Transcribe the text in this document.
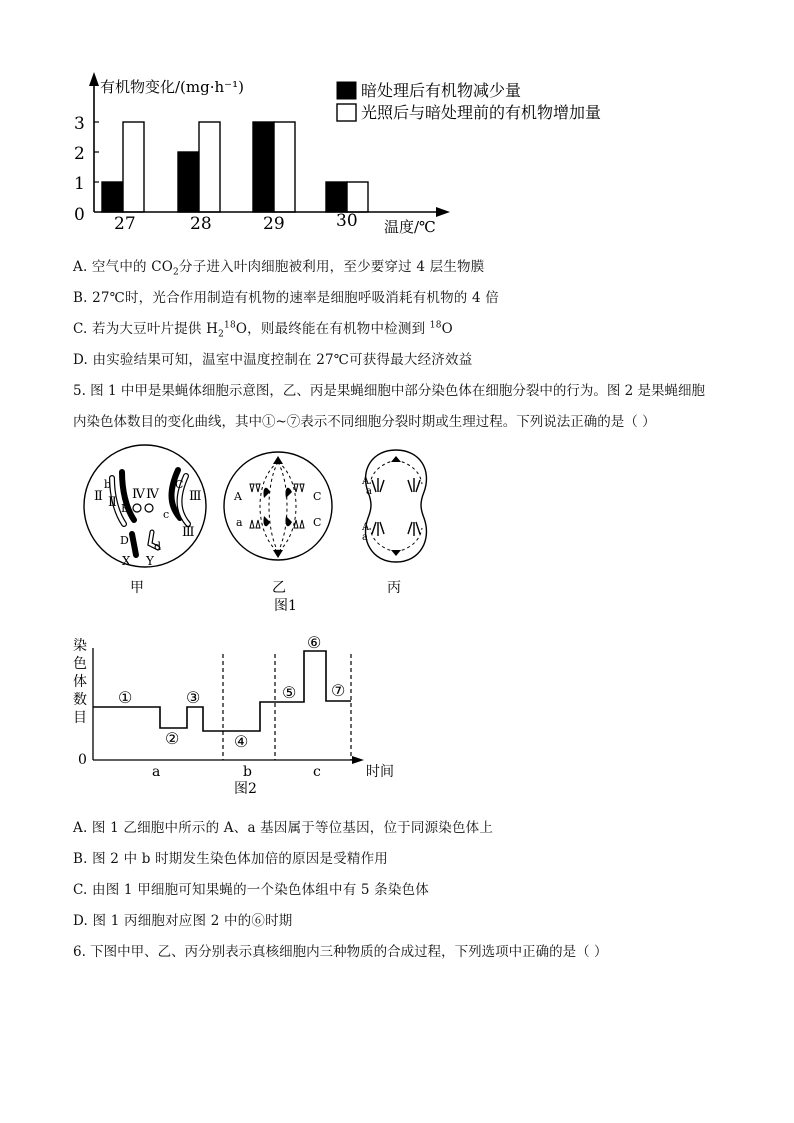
0
1
2
3
有机物变化/(mg·h⁻¹)
温度/℃
27	28	29	30
暗处理后有机物减少量
光照后与暗处理前的有机物增加量
A. 空气中的 $CO_2$分子进入叶肉细胞被利用，至少要穿过 4 层生物膜
B. 27℃时，光合作用制造有机物的速率是细胞呼吸消耗有机物的 4 倍
C. 若为大豆叶片提供 $H_2^{18}O$，则最终能在有机物中检测到 $^{18}$O
D. 由实验结果可知，温室中温度控制在 27℃可获得最大经济效益
5. 图 1 中甲是果蝇体细胞示意图，乙、丙是果蝇细胞中部分染色体在细胞分裂中的行为。图 2 是果蝇细胞
内染色体数目的变化曲线，其中①~⑦表示不同细胞分裂时期或生理过程。下列说法正确的是（ ）
Ⅱ
b
B
Ⅳ Ⅳ
C
Ⅲ
Ⅲ
c
D d
X Y
Ⅱ	A
a
C
C
A
a
A
a
甲	乙	丙
图1
染
色
体
数
目
0
①
②
③
④
⑤
⑥
⑦
a	b	c	时间
图2
A. 图 1 乙细胞中所示的 A、a 基因属于等位基因，位于同源染色体上
B. 图 2 中 b 时期发生染色体加倍的原因是受精作用
C. 由图 1 甲细胞可知果蝇的一个染色体组中有 5 条染色体
D. 图 1 丙细胞对应图 2 中的⑥时期
6. 下图中甲、乙、丙分别表示真核细胞内三种物质的合成过程，下列选项中正确的是（ ）
